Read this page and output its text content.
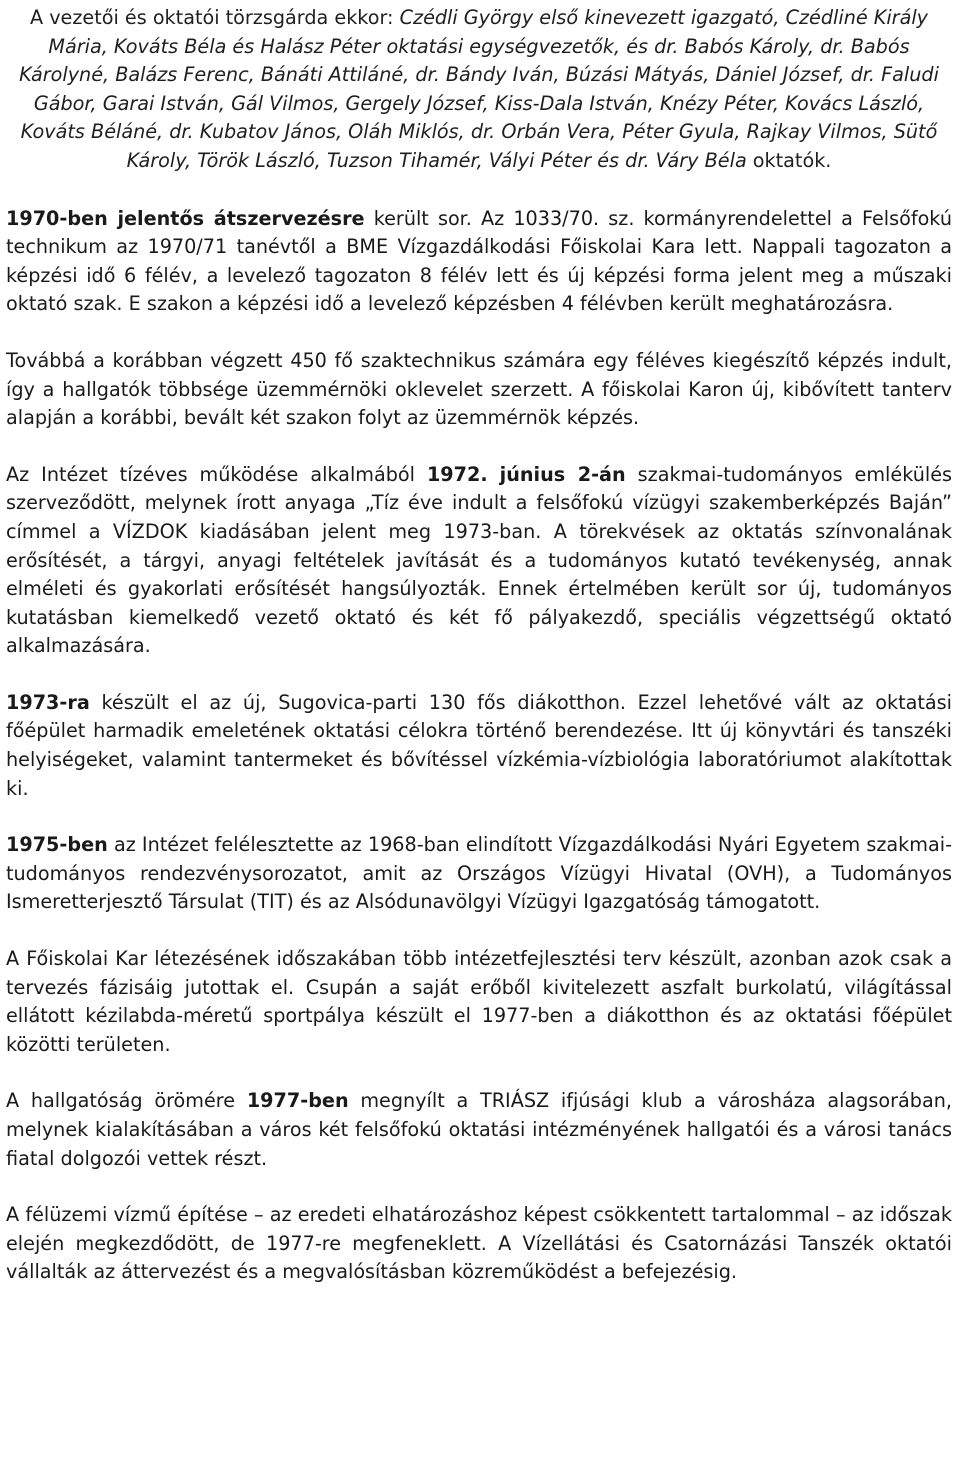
A vezetői és oktatói törzsgárda ekkor: Czédli György első kinevezett igazgató, Czédliné Király Mária, Kováts Béla és Halász Péter oktatási egységvezetők, és dr. Babós Károly, dr. Babós Károlyné, Balázs Ferenc, Bánáti Attiláné, dr. Bándy Iván, Búzási Mátyás, Dániel József, dr. Faludi Gábor, Garai István, Gál Vilmos, Gergely József, Kiss-Dala István, Knézy Péter, Kovács László, Kováts Béláné, dr. Kubatov János, Oláh Miklós, dr. Orbán Vera, Péter Gyula, Rajkay Vilmos, Sütő Károly, Török László, Tuzson Tihamér, Vályi Péter és dr. Váry Béla oktatók.

1970-ben jelentős átszervezésre került sor. Az 1033/70. sz. kormányrendelettel a Felsőfokú technikum az 1970/71 tanévtől a BME Vízgazdálkodási Főiskolai Kara lett. Nappali tagozaton a képzési idő 6 félév, a levelező tagozaton 8 félév lett és új képzési forma jelent meg a műszaki oktató szak. E szakon a képzési idő a levelező képzésben 4 félévben került meghatározásra.

Továbbá a korábban végzett 450 fő szaktechnikus számára egy féléves kiegészítő képzés indult, így a hallgatók többsége üzemmérnöki oklevelet szerzett. A főiskolai Karon új, kibővített tanterv alapján a korábbi, bevált két szakon folyt az üzemmérnök képzés.

Az Intézet tízéves működése alkalmából 1972. június 2-án szakmai-tudományos emlékülés szerveződött, melynek írott anyaga „Tíz éve indult a felsőfokú vízügyi szakemberképzés Baján” címmel a VÍZDOK kiadásában jelent meg 1973-ban. A törekvések az oktatás színvonalának erősítését, a tárgyi, anyagi feltételek javítását és a tudományos kutató tevékenység, annak elméleti és gyakorlati erősítését hangsúlyozták. Ennek értelmében került sor új, tudományos kutatásban kiemelkedő vezető oktató és két fő pályakezdő, speciális végzettségű oktató alkalmazására.

1973-ra készült el az új, Sugovica-parti 130 fős diákotthon. Ezzel lehetővé vált az oktatási főépület harmadik emeletének oktatási célokra történő berendezése. Itt új könyvtári és tanszéki helyiségeket, valamint tantermeket és bővítéssel vízkémia-vízbiológia laboratóriumot alakítottak ki.

1975-ben az Intézet felélesztette az 1968-ban elindított Vízgazdálkodási Nyári Egyetem szakmai-tudományos rendezvénysorozatot, amit az Országos Vízügyi Hivatal (OVH), a Tudományos Ismeretterjesztő Társulat (TIT) és az Alsódunavölgyi Vízügyi Igazgatóság támogatott.

A Főiskolai Kar létezésének időszakában több intézetfejlesztési terv készült, azonban azok csak a tervezés fázisáig jutottak el. Csupán a saját erőből kivitelezett aszfalt burkolatú, világítással ellátott kézilabda-méretű sportpálya készült el 1977-ben a diákotthon és az oktatási főépület közötti területen.

A hallgatóság örömére 1977-ben megnyílt a TRIÁSZ ifjúsági klub a városháza alagsorában, melynek kialakításában a város két felsőfokú oktatási intézményének hallgatói és a városi tanács fiatal dolgozói vettek részt.

A félüzemi vízmű építése – az eredeti elhatározáshoz képest csökkentett tartalommal – az időszak elején megkezdődött, de 1977-re megfeneklett. A Vízellátási és Csatornázási Tanszék oktatói vállalták az áttervezést és a megvalósításban közreműködést a befejezésig.
